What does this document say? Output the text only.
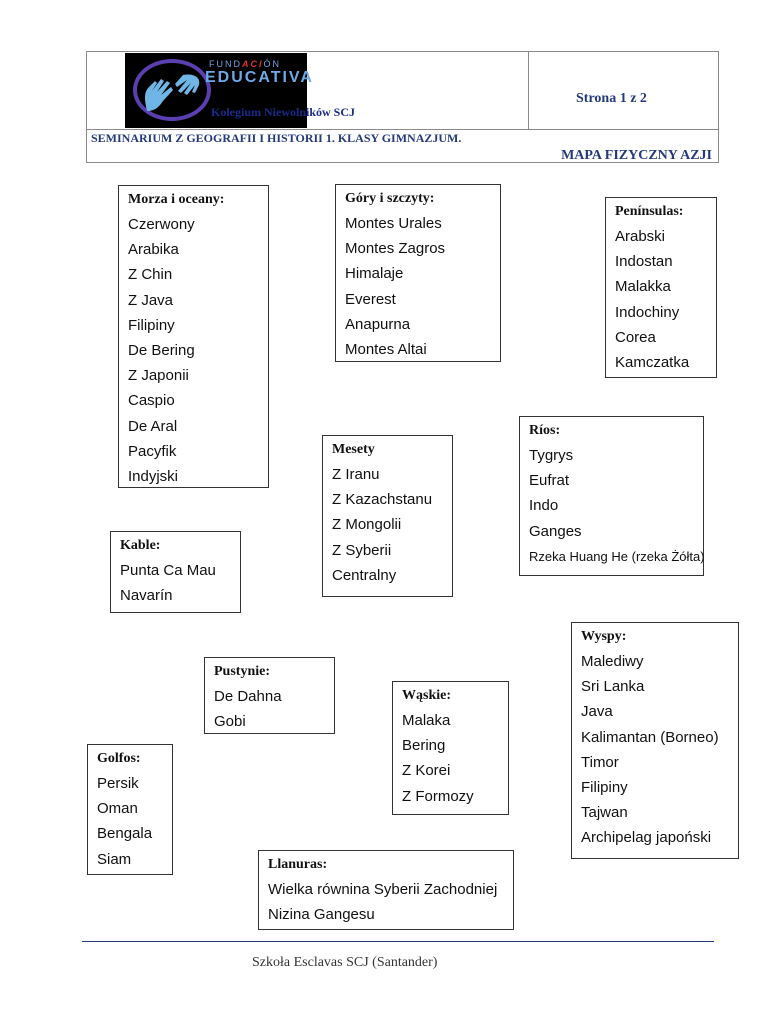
FUNDACIÓN
EDUCATIVA
Kolegium Niewolników SCJ
Strona 1 z 2
SEMINARIUM Z GEOGRAFII I HISTORII 1. KLASY GIMNAZJUM.
MAPA FIZYCZNY AZJI
Morza i oceany:
Czerwony
Arabika
Z Chin
Z Java
Filipiny
De Bering
Z Japonii
Caspio
De Aral
Pacyfik
Indyjski
Góry i szczyty:
Montes Urales
Montes Zagros
Himalaje
Everest
Anapurna
Montes Altai
Península​s:
Arabski
Indostan
Malakka
Indochiny
Corea
Kamczatka
Ríos:
Tygrys
Eufrat
Indo
Ganges
Rzeka Huang He (rzeka Żółta)
Mesety
Z Iranu
Z Kazachstanu
Z Mongolii
Z Syberii
Centralny
Kable:
Punta Ca Mau
Navarín
Wyspy:
Malediwy
Sri Lanka
Java
Kalimantan (Borneo)
Timor
Filipiny
Tajwan
Archipelag japoński
Pustynie:
De Dahna
Gobi
Wąskie:
Malaka
Bering
Z Korei
Z Formozy
Golfos:
Persik
Oman
Bengala
Siam	Llanuras:
Wielka równina Syberii Zachodniej
Nizina Gangesu
Szkoła Esclavas SCJ (Santander)
